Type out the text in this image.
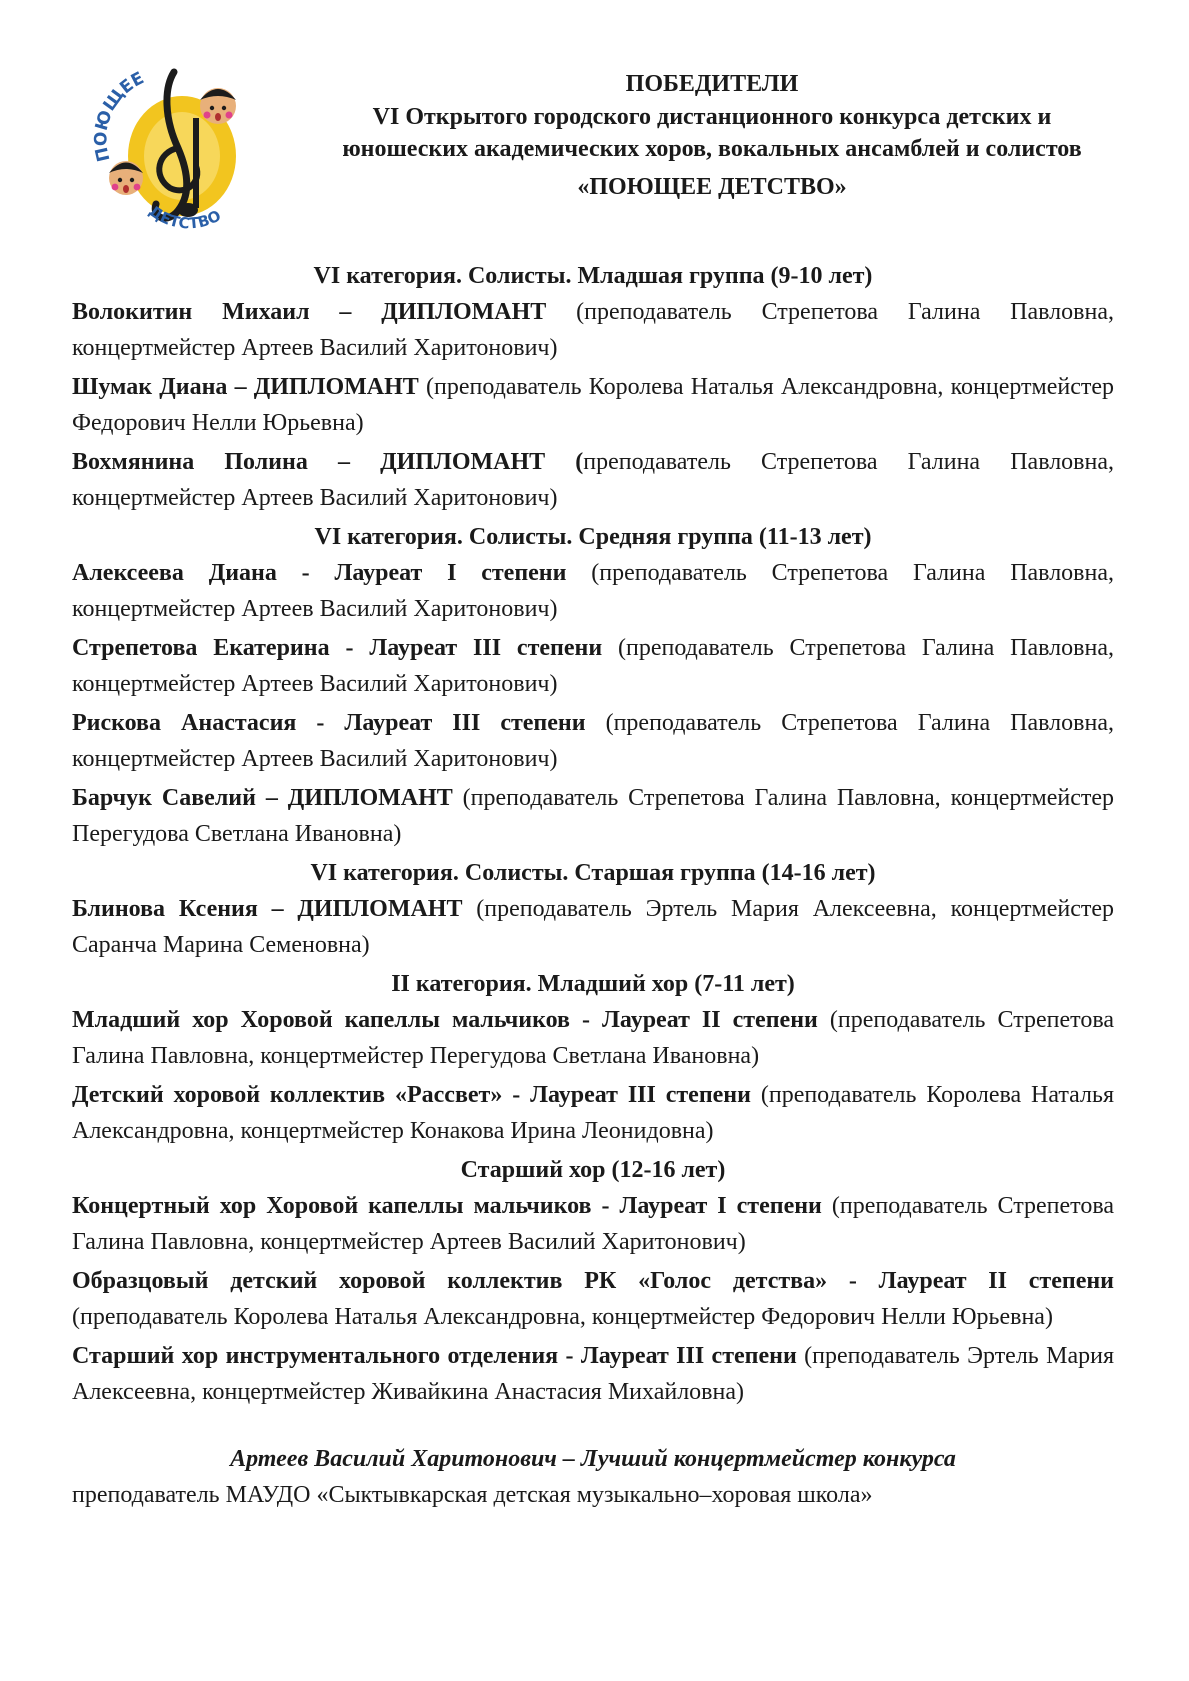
ПОЮЩЕЕ
ДЕТСТВО
ПОБЕДИТЕЛИ
VI Открытого городского дистанционного конкурса детских и
юношеских академических хоров, вокальных ансамблей и солистов
«ПОЮЩЕЕ ДЕТСТВО»
VI категория. Солисты. Младшая группа (9-10 лет)
Волокитин Михаил – ДИПЛОМАНТ (преподаватель Стрепетова Галина Павловна, концертмейстер Артеев Василий Харитонович)
Шумак Диана – ДИПЛОМАНТ (преподаватель Королева Наталья Александровна, концертмейстер Федорович Нелли Юрьевна)
Вохмянина Полина – ДИПЛОМАНТ (преподаватель Стрепетова Галина Павловна, концертмейстер Артеев Василий Харитонович)
VI категория. Солисты. Средняя группа (11-13 лет)
Алексеева Диана - Лауреат I степени (преподаватель Стрепетова Галина Павловна, концертмейстер Артеев Василий Харитонович)
Стрепетова Екатерина - Лауреат III степени (преподаватель Стрепетова Галина Павловна, концертмейстер Артеев Василий Харитонович)
Рискова Анастасия - Лауреат III степени (преподаватель Стрепетова Галина Павловна, концертмейстер Артеев Василий Харитонович)
Барчук Савелий – ДИПЛОМАНТ (преподаватель Стрепетова Галина Павловна, концертмейстер Перегудова Светлана Ивановна)
VI категория. Солисты. Старшая группа (14-16 лет)
Блинова Ксения – ДИПЛОМАНТ (преподаватель Эртель Мария Алексеевна, концертмейстер Саранча Марина Семеновна)
II категория. Младший хор (7-11 лет)
Младший хор Хоровой капеллы мальчиков - Лауреат II степени (преподаватель Стрепетова Галина Павловна, концертмейстер Перегудова Светлана Ивановна)
Детский хоровой коллектив «Рассвет» - Лауреат III степени (преподаватель Королева Наталья Александровна, концертмейстер Конакова Ирина Леонидовна)
Старший хор (12-16 лет)
Концертный хор Хоровой капеллы мальчиков - Лауреат I степени (преподаватель Стрепетова Галина Павловна, концертмейстер Артеев Василий Харитонович)
Образцовый детский хоровой коллектив РК «Голос детства» - Лауреат II степени (преподаватель Королева Наталья Александровна, концертмейстер Федорович Нелли Юрьевна)
Старший хор инструментального отделения - Лауреат III степени (преподаватель Эртель Мария Алексеевна, концертмейстер Живайкина Анастасия Михайловна)
Артеев Василий Харитонович – Лучший концертмейстер конкурса
преподаватель МАУДО «Сыктывкарская детская музыкально–хоровая школа»
